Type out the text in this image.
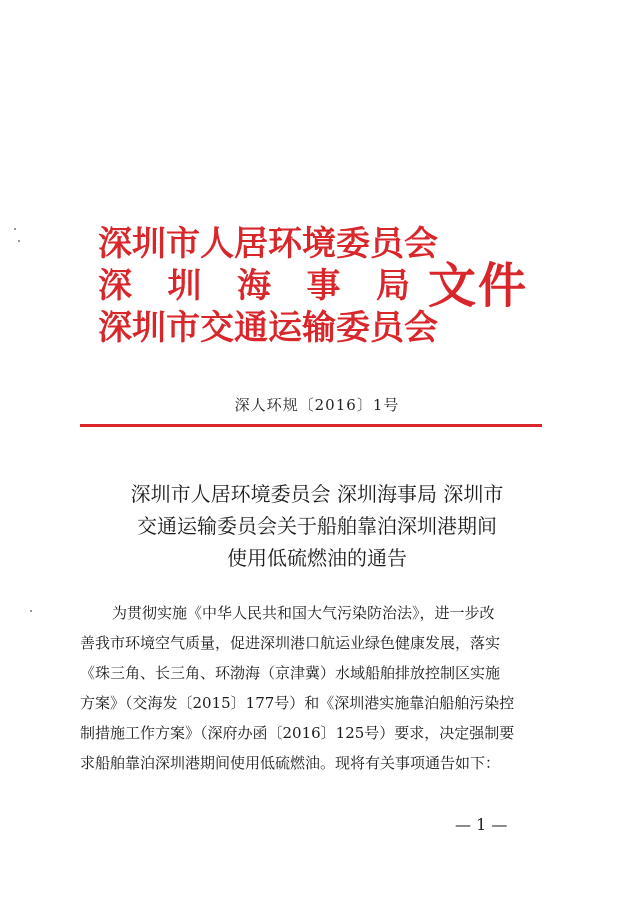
深圳市人居环境委员会
深 圳 海 事 局
深圳市交通运输委员会
文件
深人环规〔2016〕1号
深圳市人居环境委员会 深圳海事局 深圳市
交通运输委员会关于船舶靠泊深圳港期间
使用低硫燃油的通告
为贯彻实施《中华人民共和国大气污染防治法》，进一步改
善我市环境空气质量，促进深圳港口航运业绿色健康发展，落实
《珠三角、长三角、环渤海（京津冀）水域船舶排放控制区实施
方案》（交海发〔2015〕177号）和《深圳港实施靠泊船舶污染控
制措施工作方案》（深府办函〔2016〕125号）要求，决定强制要
求船舶靠泊深圳港期间使用低硫燃油。现将有关事项通告如下：
— 1 —
